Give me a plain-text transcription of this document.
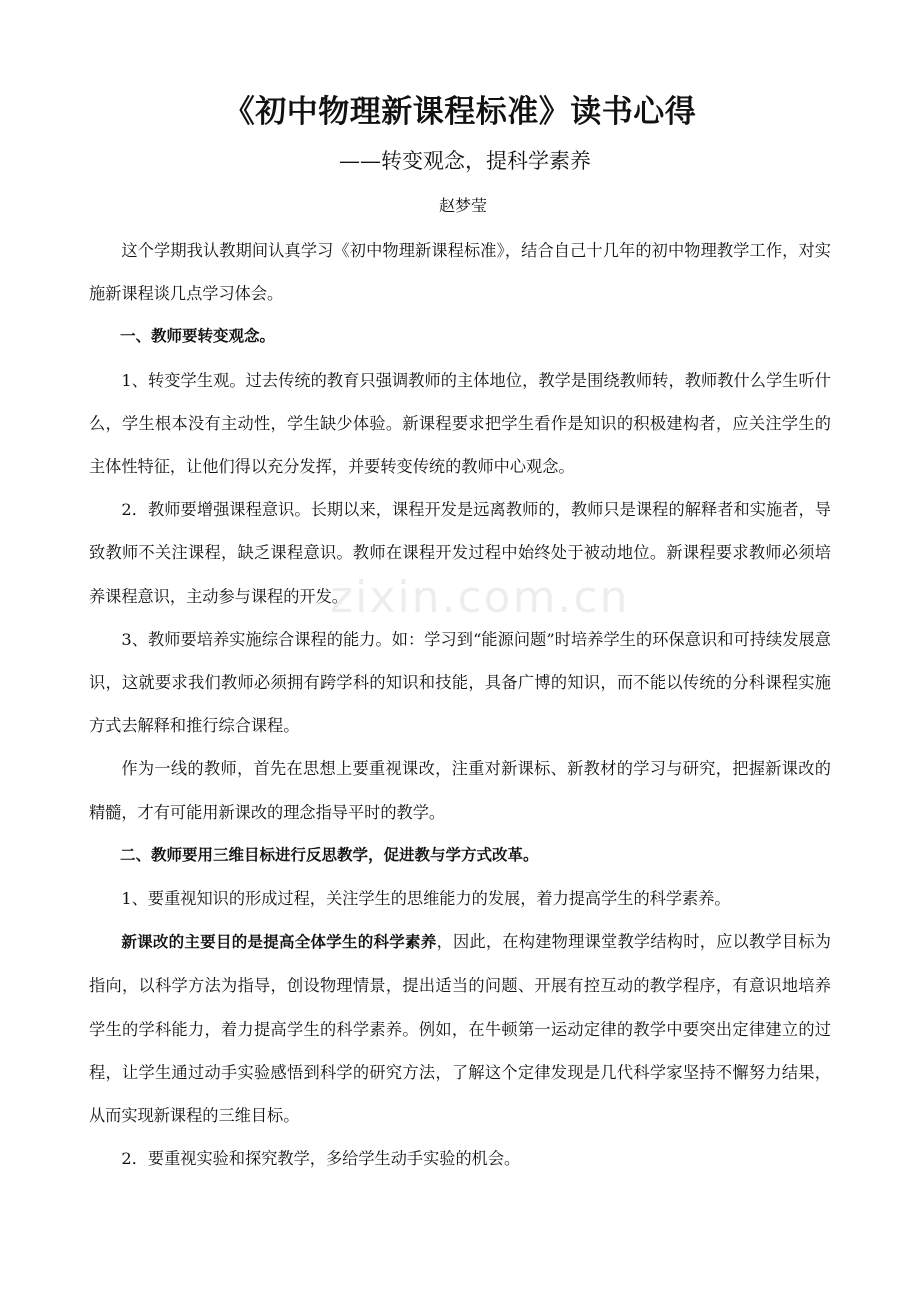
《初中物理新课程标准》读书心得
——转变观念，提科学素养
赵梦莹

这个学期我认教期间认真学习《初中物理新课程标准》，结合自己十几年的初中物理教学工作，对实施新课程谈几点学习体会。

一、教师要转变观念。

1、转变学生观。过去传统的教育只强调教师的主体地位，教学是围绕教师转，教师教什么学生听什么，学生根本没有主动性，学生缺少体验。新课程要求把学生看作是知识的积极建构者，应关注学生的主体性特征，让他们得以充分发挥，并要转变传统的教师中心观念。

2．教师要增强课程意识。长期以来，课程开发是远离教师的，教师只是课程的解释者和实施者，导致教师不关注课程，缺乏课程意识。教师在课程开发过程中始终处于被动地位。新课程要求教师必须培养课程意识，主动参与课程的开发。

3、教师要培养实施综合课程的能力。如：学习到“能源问题”时培养学生的环保意识和可持续发展意识，这就要求我们教师必须拥有跨学科的知识和技能，具备广博的知识，而不能以传统的分科课程实施方式去解释和推行综合课程。

作为一线的教师，首先在思想上要重视课改，注重对新课标、新教材的学习与研究，把握新课改的精髓，才有可能用新课改的理念指导平时的教学。

二、教师要用三维目标进行反思教学，促进教与学方式改革。

1、要重视知识的形成过程，关注学生的思维能力的发展，着力提高学生的科学素养。

新课改的主要目的是提高全体学生的科学素养，因此，在构建物理课堂教学结构时，应以教学目标为指向，以科学方法为指导，创设物理情景，提出适当的问题、开展有控互动的教学程序，有意识地培养学生的学科能力，着力提高学生的科学素养。例如，在牛顿第一运动定律的教学中要突出定律建立的过程，让学生通过动手实验感悟到科学的研究方法，了解这个定律发现是几代科学家坚持不懈努力结果，从而实现新课程的三维目标。

2．要重视实验和探究教学，多给学生动手实验的机会。

zixin.com.cn
